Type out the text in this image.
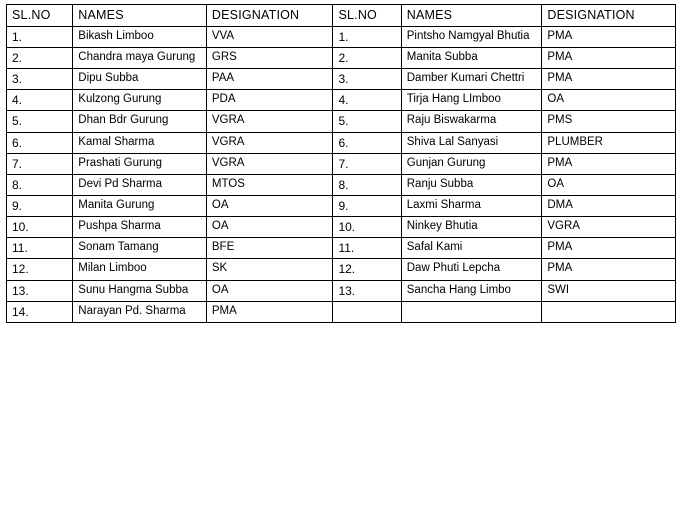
SL.NO	NAMES	DESIGNATION	SL.NO	NAMES	DESIGNATION
1.	Bikash Limboo	VVA	1.	Pintsho Namgyal Bhutia	PMA
2.	Chandra maya Gurung	GRS	2.	Manita Subba	PMA
3.	Dipu Subba	PAA	3.	Damber Kumari Chettri	PMA
4.	Kulzong Gurung	PDA	4.	Tirja Hang LImboo	OA
5.	Dhan Bdr Gurung	VGRA	5.	Raju Biswakarma	PMS
6.	Kamal Sharma	VGRA	6.	Shiva Lal Sanyasi	PLUMBER
7.	Prashati Gurung	VGRA	7.	Gunjan Gurung	PMA
8.	Devi Pd Sharma	MTOS	8.	Ranju Subba	OA
9.	Manita Gurung	OA	9.	Laxmi Sharma	DMA
10.	Pushpa Sharma	OA	10.	Ninkey Bhutia	VGRA
11.	Sonam Tamang	BFE	11.	Safal Kami	PMA
12.	Milan Limboo	SK	12.	Daw Phuti Lepcha	PMA
13.	Sunu Hangma Subba	OA	13.	Sancha Hang Limbo	SWI
14.	Narayan Pd. Sharma	PMA			
